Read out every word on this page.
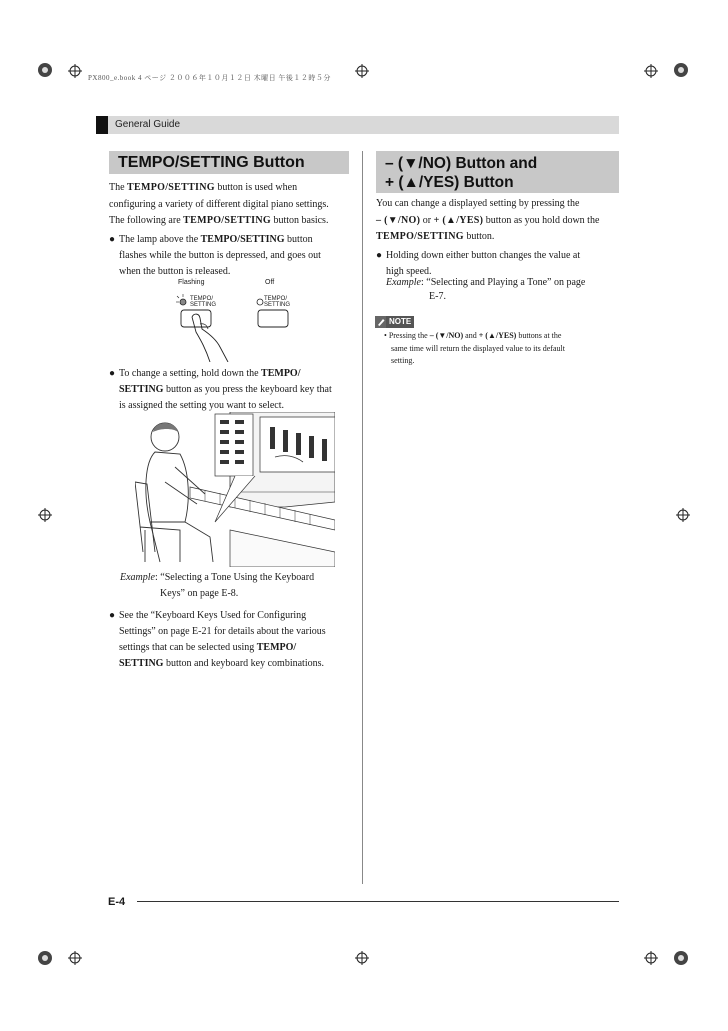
PX800_e.book 4 ページ ２００６年１０月１２日 木曜日 午後１２時５分
General Guide
TEMPO/SETTING Button
The TEMPO/SETTING button is used when
configuring a variety of different digital piano settings.
The following are TEMPO/SETTING button basics.
● The lamp above the TEMPO/SETTING button
flashes while the button is depressed, and goes out
when the button is released.
Flashing	Off
TEMPO/
SETTING
TEMPO/
SETTING
● To change a setting, hold down the TEMPO/
SETTING button as you press the keyboard key that
is assigned the setting you want to select.
Example: “Selecting a Tone Using the Keyboard
Keys” on page E-8.
● See the “Keyboard Keys Used for Configuring
Settings” on page E-21 for details about the various
settings that can be selected using TEMPO/
SETTING button and keyboard key combinations.
– (▼/NO) Button and
+ (▲/YES) Button
You can change a displayed setting by pressing the
– (▼/NO) or + (▲/YES) button as you hold down the
TEMPO/SETTING button.
● Holding down either button changes the value at
high speed.
Example: “Selecting and Playing a Tone” on page
E-7.
NOTE
• Pressing the – (▼/NO) and + (▲/YES) buttons at the
same time will return the displayed value to its default
setting.
E-4
